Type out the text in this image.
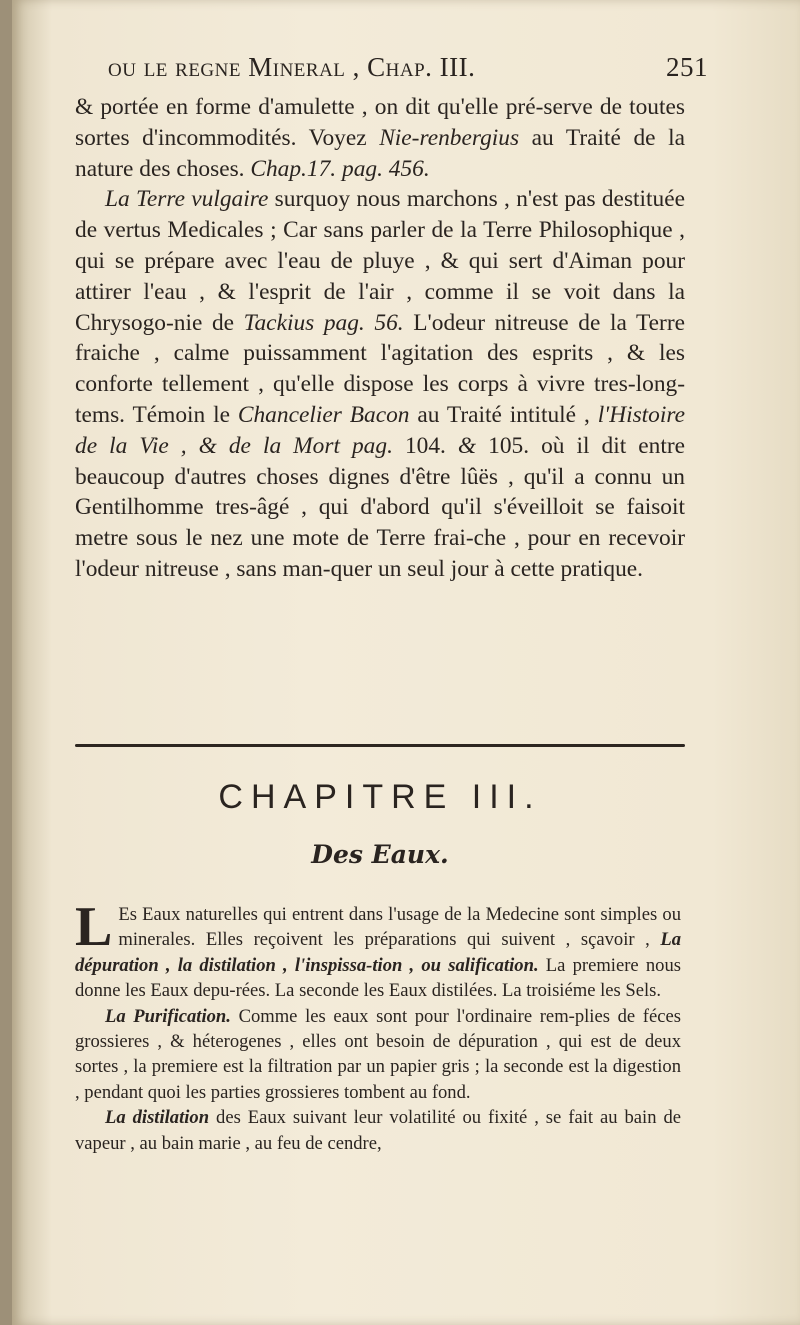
ou le regne Mineral , Chap. III.	251

& portée en forme d'amulette , on dit qu'elle pré-serve de toutes sortes d'incommodités. Voyez Nie-renbergius au Traité de la nature des choses. Chap.17. pag. 456.

La Terre vulgaire surquoy nous marchons , n'est pas destituée de vertus Medicales ; Car sans parler de la Terre Philosophique , qui se prépare avec l'eau de pluye , & qui sert d'Aiman pour attirer l'eau , & l'esprit de l'air , comme il se voit dans la Chrysogo-nie de Tackius pag. 56. L'odeur nitreuse de la Terre fraiche , calme puissamment l'agitation des esprits , & les conforte tellement , qu'elle dispose les corps à vivre tres-long-tems. Témoin le Chancelier Bacon au Traité intitulé , l'Histoire de la Vie , & de la Mort pag. 104. & 105. où il dit entre beaucoup d'autres choses dignes d'être lûës , qu'il a connu un Gentilhomme tres-âgé , qui d'abord qu'il s'éveilloit se faisoit metre sous le nez une mote de Terre frai-che , pour en recevoir l'odeur nitreuse , sans man-quer un seul jour à cette pratique.

CHAPITRE III.
Des Eaux.

L Es Eaux naturelles qui entrent dans l'usage de la Medecine sont simples ou minerales. Elles reçoivent les préparations qui suivent , sçavoir , La dépuration , la distilation , l'inspissa-tion , ou salification. La premiere nous donne les Eaux depu-rées. La seconde les Eaux distilées. La troisiéme les Sels.

La Purification. Comme les eaux sont pour l'ordinaire rem-plies de féces grossieres , & héterogenes , elles ont besoin de dépuration , qui est de deux sortes , la premiere est la filtration par un papier gris ; la seconde est la digestion , pendant quoi les parties grossieres tombent au fond.

La distilation des Eaux suivant leur volatilité ou fixité , se fait au bain de vapeur , au bain marie , au feu de cendre,
